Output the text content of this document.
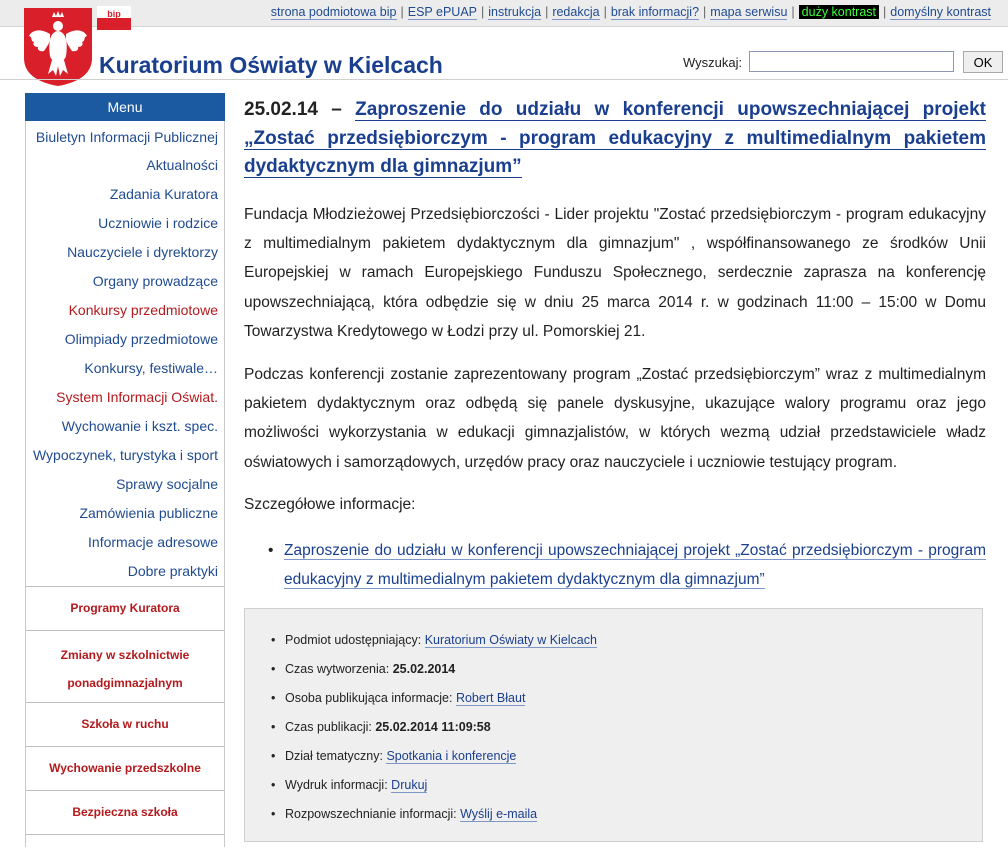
strona podmiotowa bip | ESP ePUAP | instrukcja | redakcja | brak informacji? | mapa serwisu | duży kontrast | domyślny kontrast
bip
Kuratorium Oświaty w Kielcach	Wyszukaj:	OK
Menu
Biuletyn Informacji Publicznej
Aktualności
Zadania Kuratora
Uczniowie i rodzice
Nauczyciele i dyrektorzy
Organy prowadzące
Konkursy przedmiotowe
Olimpiady przedmiotowe
Konkursy, festiwale…
System Informacji Oświat.
Wychowanie i kszt. spec.
Wypoczynek, turystyka i sport
Sprawy socjalne
Zamówienia publiczne
Informacje adresowe
Dobre praktyki
Programy Kuratora
Zmiany w szkolnictwie
ponadgimnazjalnym
Szkoła w ruchu
Wychowanie przedszkolne
Bezpieczna szkoła
25.02.14 – Zaproszenie do udziału w konferencji upowszechniającej projekt „Zostać przedsiębiorczym - program edukacyjny z multimedialnym pakietem dydaktycznym dla gimnazjum”

Fundacja Młodzieżowej Przedsiębiorczości - Lider projektu "Zostać przedsiębiorczym - program edukacyjny z multimedialnym pakietem dydaktycznym dla gimnazjum" , współfinansowanego ze środków Unii Europejskiej w ramach Europejskiego Funduszu Społecznego, serdecznie zaprasza na konferencję upowszechniającą, która odbędzie się w dniu 25 marca 2014 r. w godzinach 11:00 – 15:00 w Domu Towarzystwa Kredytowego w Łodzi przy ul. Pomorskiej 21.

Podczas konferencji zostanie zaprezentowany program „Zostać przedsiębiorczym” wraz z multimedialnym pakietem dydaktycznym oraz odbędą się panele dyskusyjne, ukazujące walory programu oraz jego możliwości wykorzystania w edukacji gimnazjalistów, w których wezmą udział przedstawiciele władz oświatowych i samorządowych, urzędów pracy oraz nauczyciele i uczniowie testujący program.

Szczegółowe informacje:

• Zaproszenie do udziału w konferencji upowszechniającej projekt „Zostać przedsiębiorczym - program edukacyjny z multimedialnym pakietem dydaktycznym dla gimnazjum”
• Podmiot udostępniający: Kuratorium Oświaty w Kielcach
• Czas wytworzenia: 25.02.2014
• Osoba publikująca informacje: Robert Błaut
• Czas publikacji: 25.02.2014 11:09:58
• Dział tematyczny: Spotkania i konferencje
• Wydruk informacji: Drukuj
• Rozpowszechnianie informacji: Wyślij e-maila
